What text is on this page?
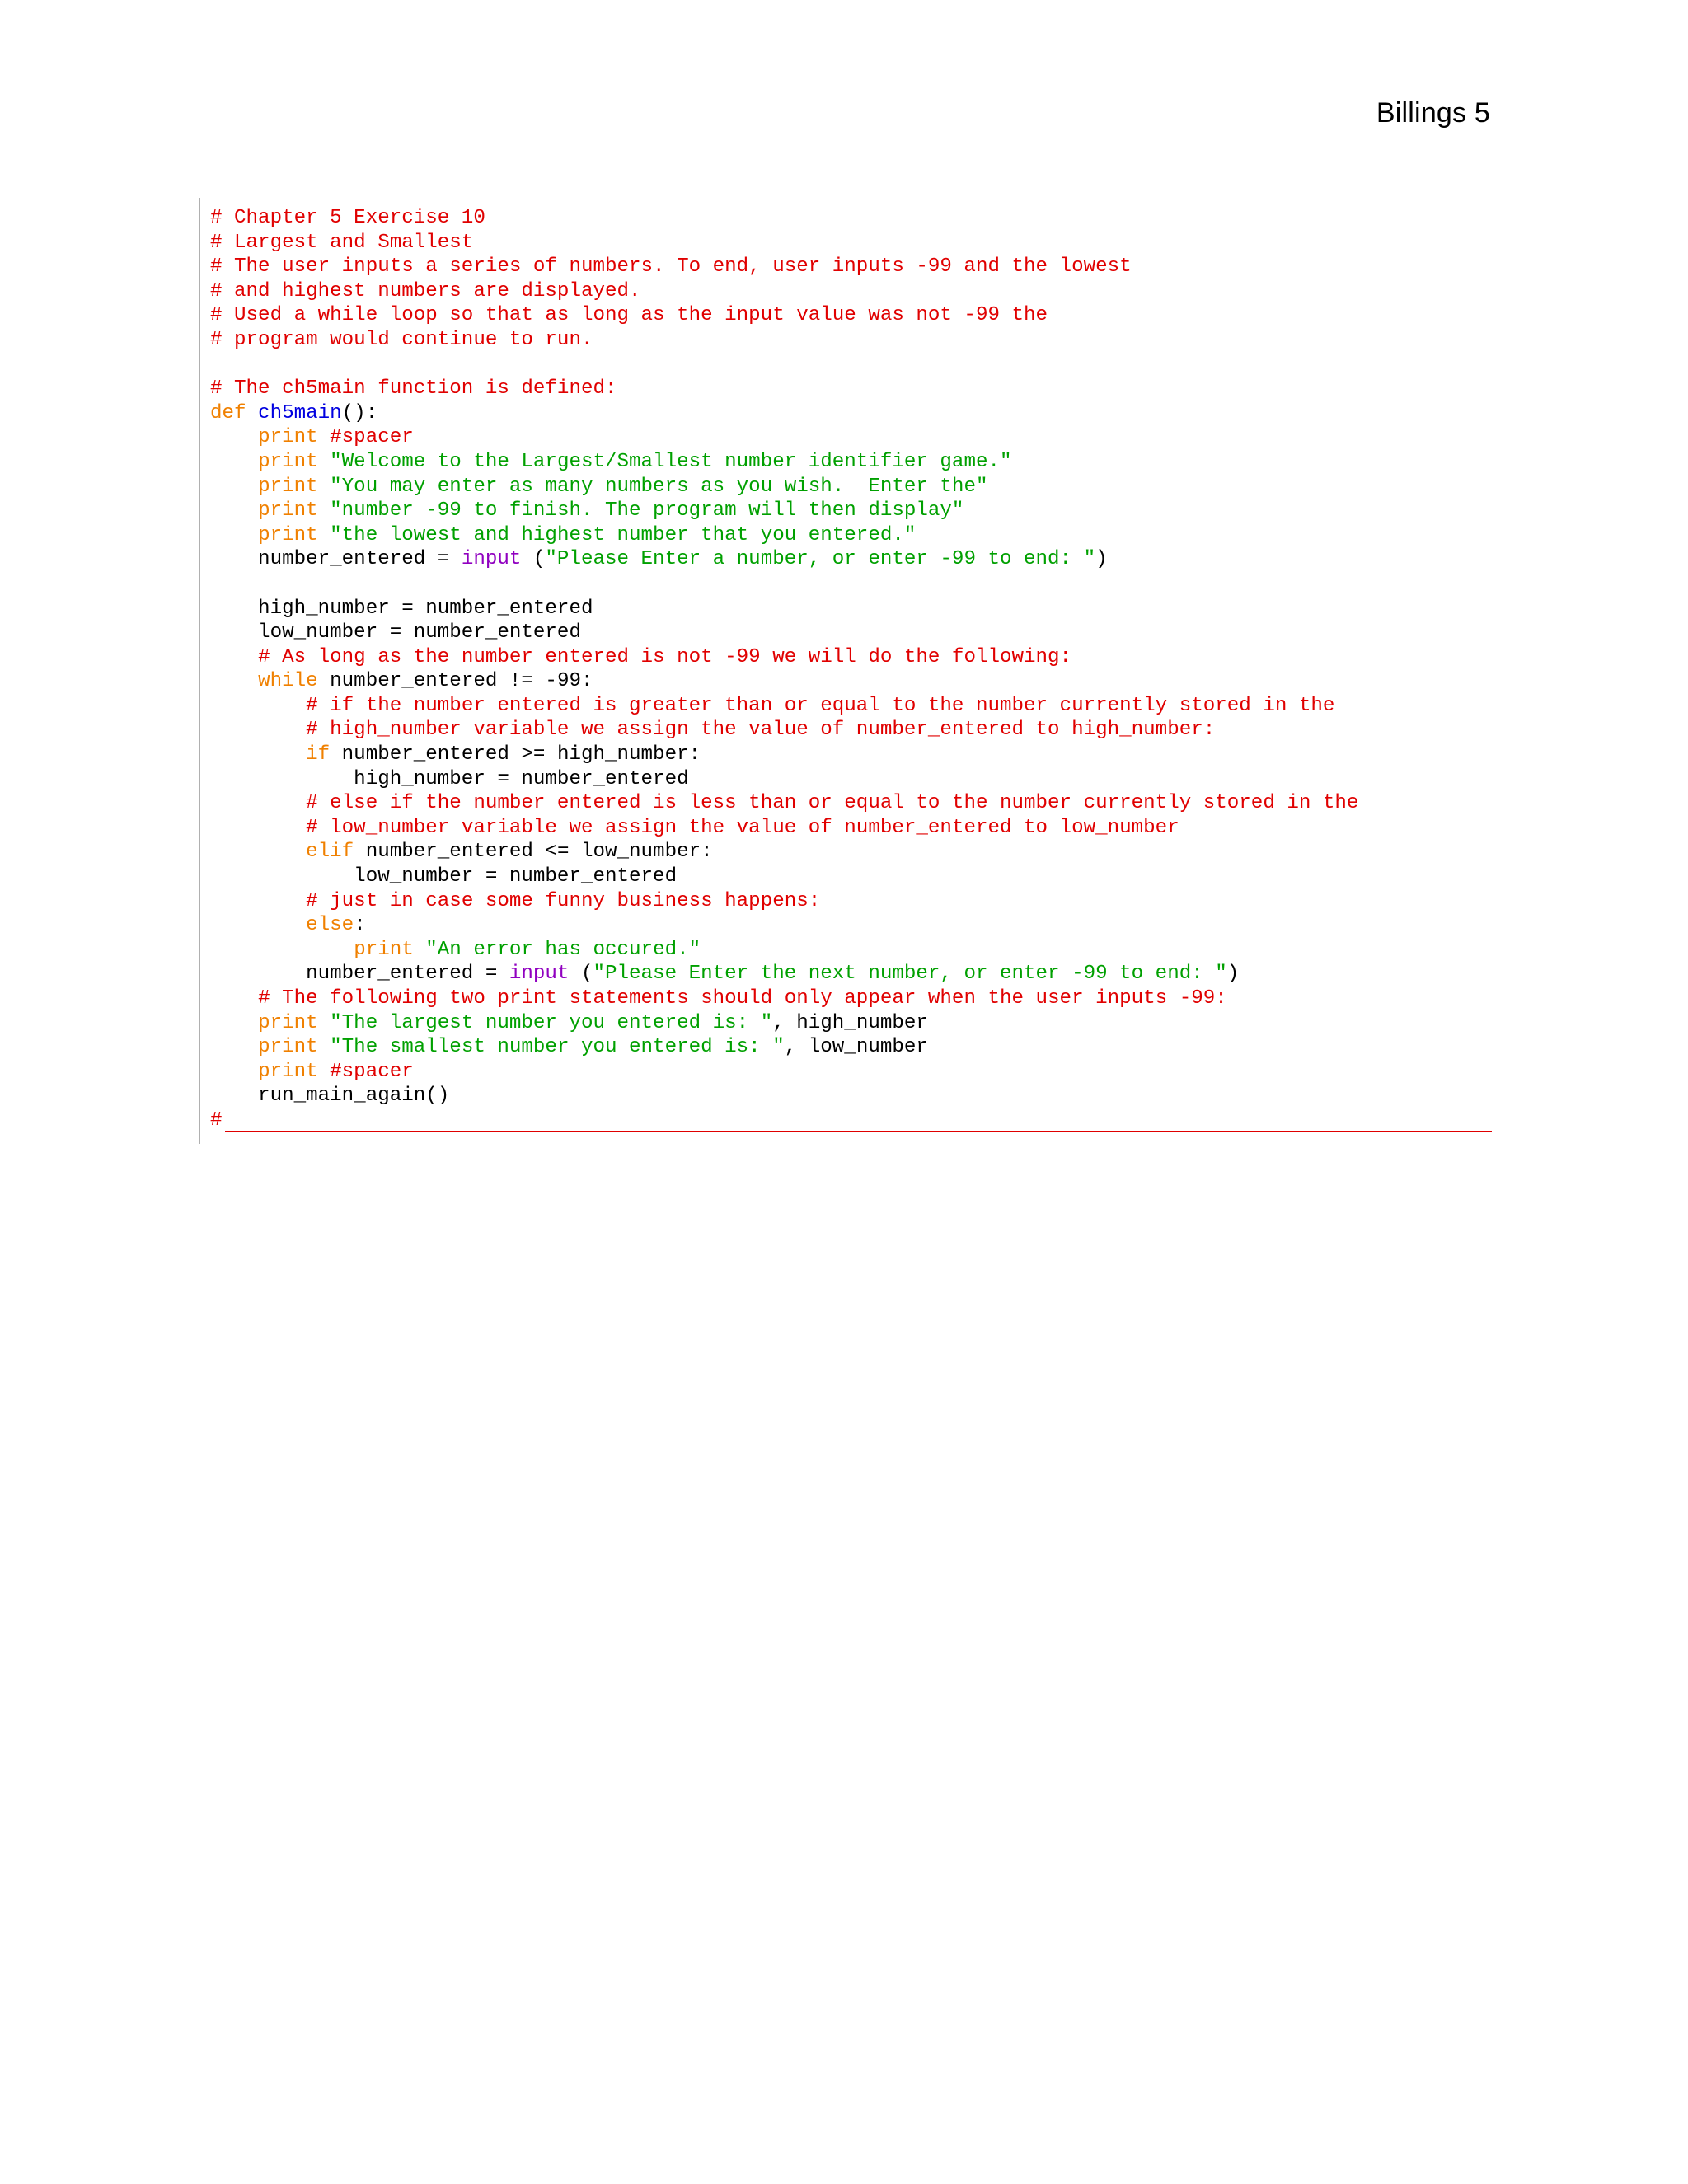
Billings 5
# Chapter 5 Exercise 10
# Largest and Smallest
# The user inputs a series of numbers. To end, user inputs -99 and the lowest
# and highest numbers are displayed.
# Used a while loop so that as long as the input value was not -99 the
# program would continue to run.

# The ch5main function is defined:
def ch5main():
print #spacer
print "Welcome to the Largest/Smallest number identifier game."
print "You may enter as many numbers as you wish.  Enter the"
print "number -99 to finish. The program will then display"
print "the lowest and highest number that you entered."
number_entered = input ("Please Enter a number, or enter -99 to end: ")

high_number = number_entered
low_number = number_entered
# As long as the number entered is not -99 we will do the following:
while number_entered != -99:
# if the number entered is greater than or equal to the number currently stored in the
# high_number variable we assign the value of number_entered to high_number:
if number_entered >= high_number:
high_number = number_entered
# else if the number entered is less than or equal to the number currently stored in the
# low_number variable we assign the value of number_entered to low_number
elif number_entered <= low_number:
low_number = number_entered
# just in case some funny business happens:
else:
print "An error has occured."
number_entered = input ("Please Enter the next number, or enter -99 to end: ")
# The following two print statements should only appear when the user inputs -99:
print "The largest number you entered is: ", high_number
print "The smallest number you entered is: ", low_number
print #spacer
run_main_again()
#
